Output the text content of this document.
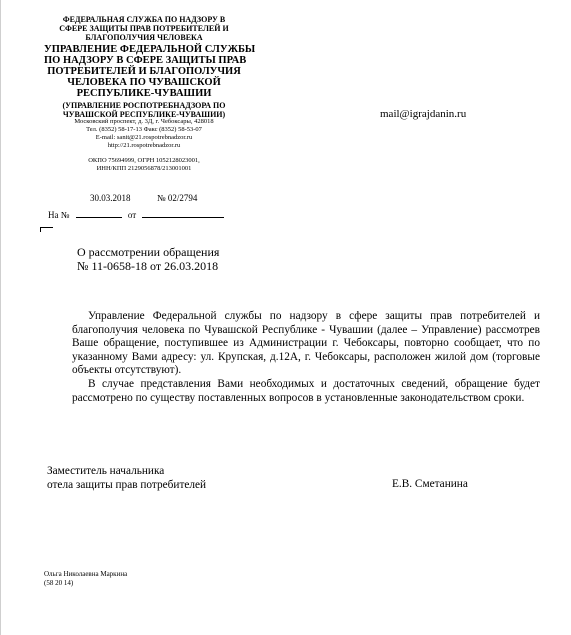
ФЕДЕРАЛЬНАЯ СЛУЖБА ПО НАДЗОРУ В
СФЕРЕ ЗАЩИТЫ ПРАВ ПОТРЕБИТЕЛЕЙ И
БЛАГОПОЛУЧИЯ ЧЕЛОВЕКА
УПРАВЛЕНИЕ ФЕДЕРАЛЬНОЙ СЛУЖБЫ
ПО НАДЗОРУ В СФЕРЕ ЗАЩИТЫ ПРАВ
ПОТРЕБИТЕЛЕЙ И БЛАГОПОЛУЧИЯ
ЧЕЛОВЕКА ПО ЧУВАШСКОЙ
РЕСПУБЛИКЕ-ЧУВАШИИ
(УПРАВЛЕНИЕ РОСПОТРЕБНАДЗОРА ПО
ЧУВАШСКОЙ РЕСПУБЛИКЕ-ЧУВАШИИ)
Московский проспект, д. 3Д, г. Чебоксары, 428018
Тел. (8352) 58-17-13 Факс (8352) 58-53-07
E-mail: sanit@21.rospotrebnadzor.ru
http://21.rospotrebnadzor.ru
ОКПО 75694999, ОГРН 1052128023001,
ИНН/КПП 2129056878/213001001
mail@igrajdanin.ru
30.03.2018	№ 02/2794
На №	от
О рассмотрении обращения
№ 11-0658-18 от 26.03.2018

Управление Федеральной службы по надзору в сфере защиты прав потребителей и благополучия человека по Чувашской Республике - Чувашии (далее – Управление) рассмотрев Ваше обращение, поступившее из Администрации г. Чебоксары, повторно сообщает, что по указанному Вами адресу: ул. Крупская, д.12А, г. Чебоксары, расположен жилой дом (торговые объекты отсутствуют).

В случае представления Вами необходимых и достаточных сведений, обращение будет рассмотрено по существу поставленных вопросов в установленные законодательством сроки.

Заместитель начальника
отела защиты прав потребителей	Е.В. Сметанина
Ольга Николаевна Маркина
(58 20 14)
